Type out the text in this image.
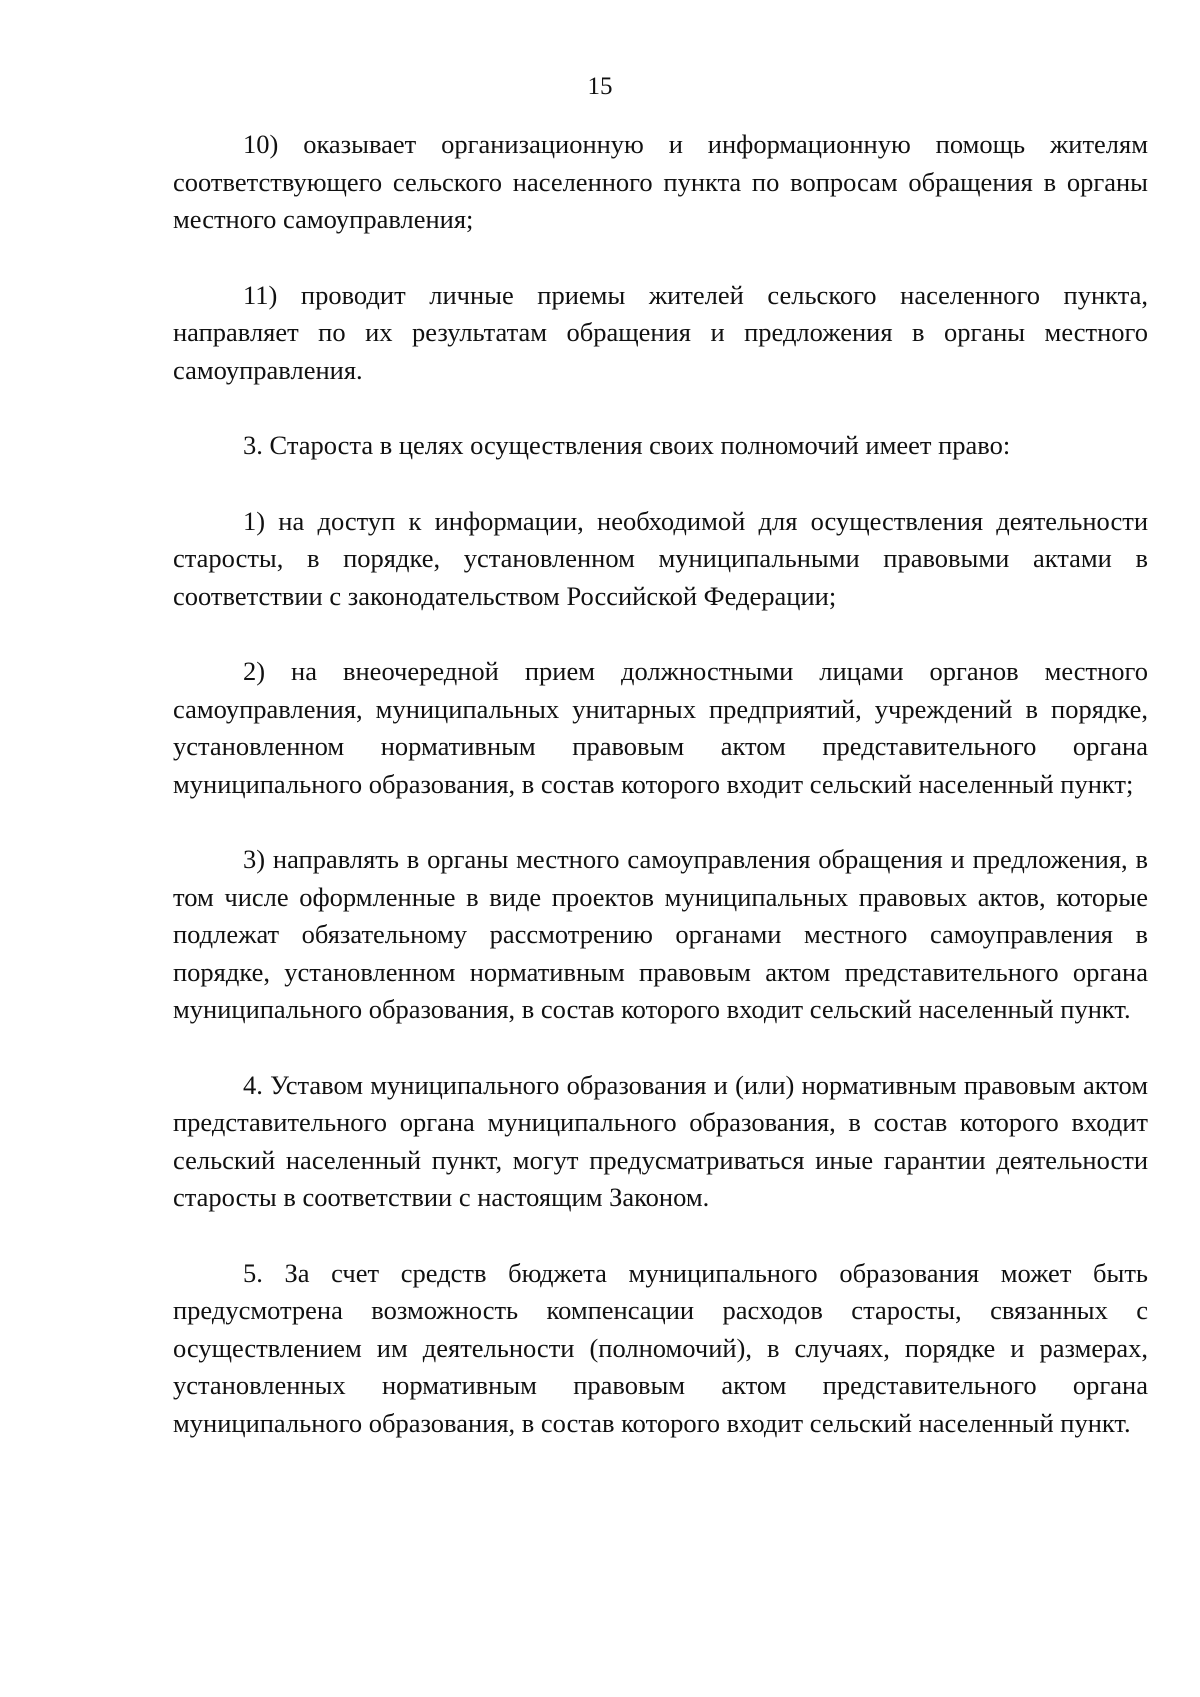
15

10) оказывает организационную и информационную помощь жителям соответствующего сельского населенного пункта по вопросам обращения в органы местного самоуправления;

11) проводит личные приемы жителей сельского населенного пункта, направляет по их результатам обращения и предложения в органы местного самоуправления.

3. Староста в целях осуществления своих полномочий имеет право:

1) на доступ к информации, необходимой для осуществления деятельности старосты, в порядке, установленном муниципальными правовыми актами в соответствии с законодательством Российской Федерации;

2) на внеочередной прием должностными лицами органов местного самоуправления, муниципальных унитарных предприятий, учреждений в порядке, установленном нормативным правовым актом представительного органа муниципального образования, в состав которого входит сельский населенный пункт;

3) направлять в органы местного самоуправления обращения и предложения, в том числе оформленные в виде проектов муниципальных правовых актов, которые подлежат обязательному рассмотрению органами местного самоуправления в порядке, установленном нормативным правовым актом представительного органа муниципального образования, в состав которого входит сельский населенный пункт.

4. Уставом муниципального образования и (или) нормативным правовым актом представительного органа муниципального образования, в состав которого входит сельский населенный пункт, могут предусматриваться иные гарантии деятельности старосты в соответствии с настоящим Законом.

5. За счет средств бюджета муниципального образования может быть предусмотрена возможность компенсации расходов старосты, связанных с осуществлением им деятельности (полномочий), в случаях, порядке и размерах, установленных нормативным правовым актом представительного органа муниципального образования, в состав которого входит сельский населенный пункт.
